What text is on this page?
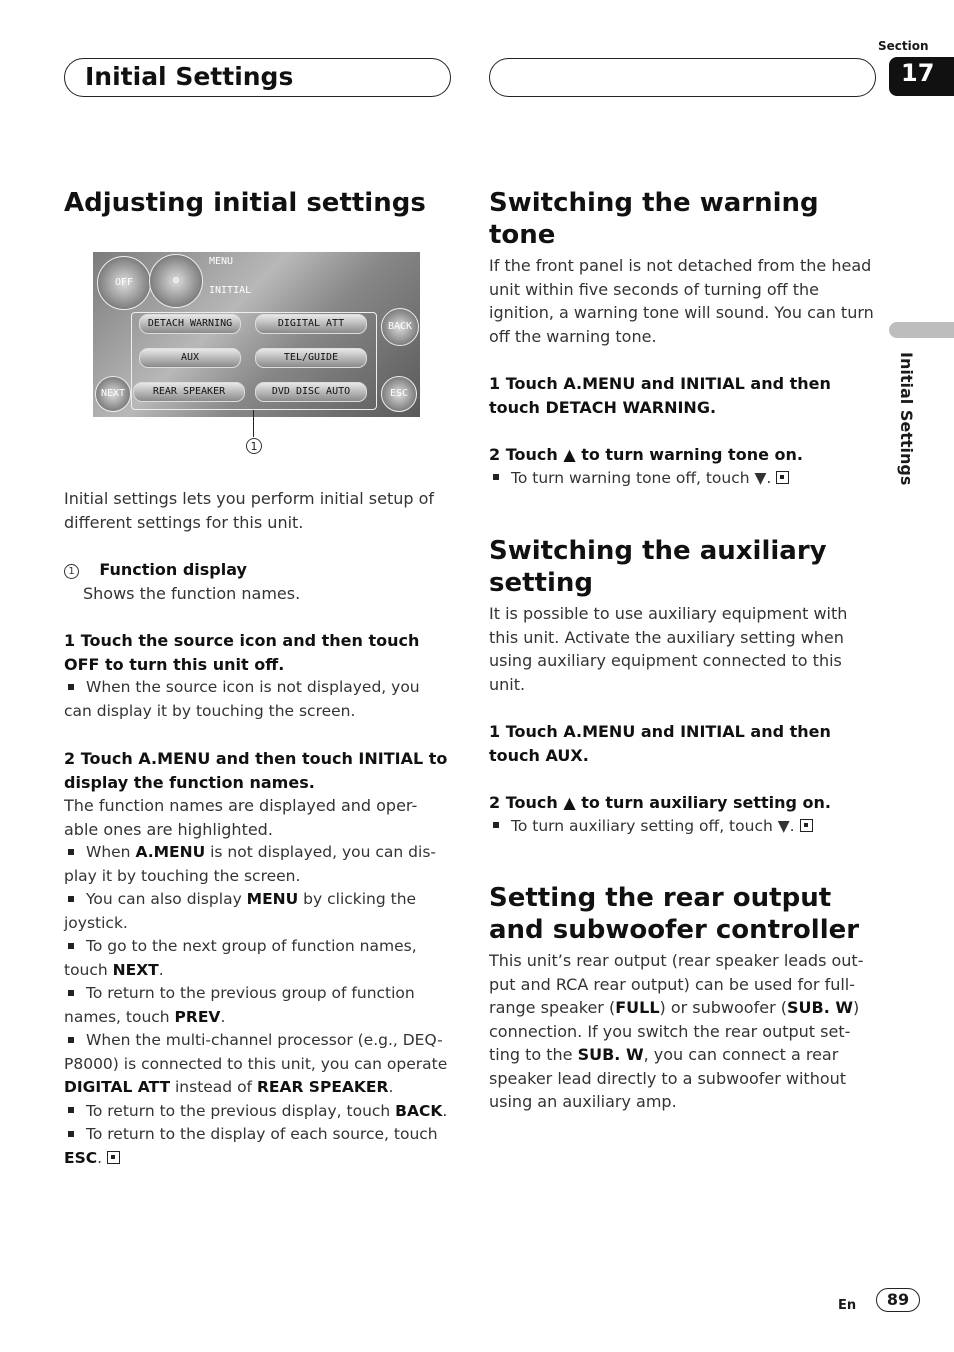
Initial Settings
Section
17
Initial Settings
Adjusting initial settings
OFF	⚙
MENU
INITIAL
DETACH WARNING	DIGITAL ATT
AUX	TEL/GUIDE
REAR SPEAKER	DVD DISC AUTO
BACK
NEXT	ESC
1

Initial settings lets you perform initial setup of different settings for this unit.

1 Function display

Shows the function names.

1 Touch the source icon and then touch OFF to turn this unit off.

When the source icon is not displayed, you can display it by touching the screen.

2 Touch A.MENU and then touch INITIAL to display the function names.

The function names are displayed and oper-able ones are highlighted.

When A.MENU is not displayed, you can dis-play it by touching the screen.

You can also display MENU by clicking the joystick.

To go to the next group of function names, touch NEXT.

To return to the previous group of function names, touch PREV.

When the multi-channel processor (e.g., DEQ-P8000) is connected to this unit, you can operate DIGITAL ATT instead of REAR SPEAKER.

To return to the previous display, touch BACK.

To return to the display of each source, touch ESC.

Switching the warning tone

If the front panel is not detached from the head unit within five seconds of turning off the ignition, a warning tone will sound. You can turn off the warning tone.

1 Touch A.MENU and INITIAL and then touch DETACH WARNING.

2 Touch ▲ to turn warning tone on.

To turn warning tone off, touch ▼.

Switching the auxiliary setting

It is possible to use auxiliary equipment with this unit. Activate the auxiliary setting when using auxiliary equipment connected to this unit.

1 Touch A.MENU and INITIAL and then touch AUX.

2 Touch ▲ to turn auxiliary setting on.

To turn auxiliary setting off, touch ▼.

Setting the rear output and subwoofer controller

This unit’s rear output (rear speaker leads out-put and RCA rear output) can be used for full-range speaker (FULL) or subwoofer (SUB. W) connection. If you switch the rear output set-ting to the SUB. W, you can connect a rear speaker lead directly to a subwoofer without using an auxiliary amp.

En	89
